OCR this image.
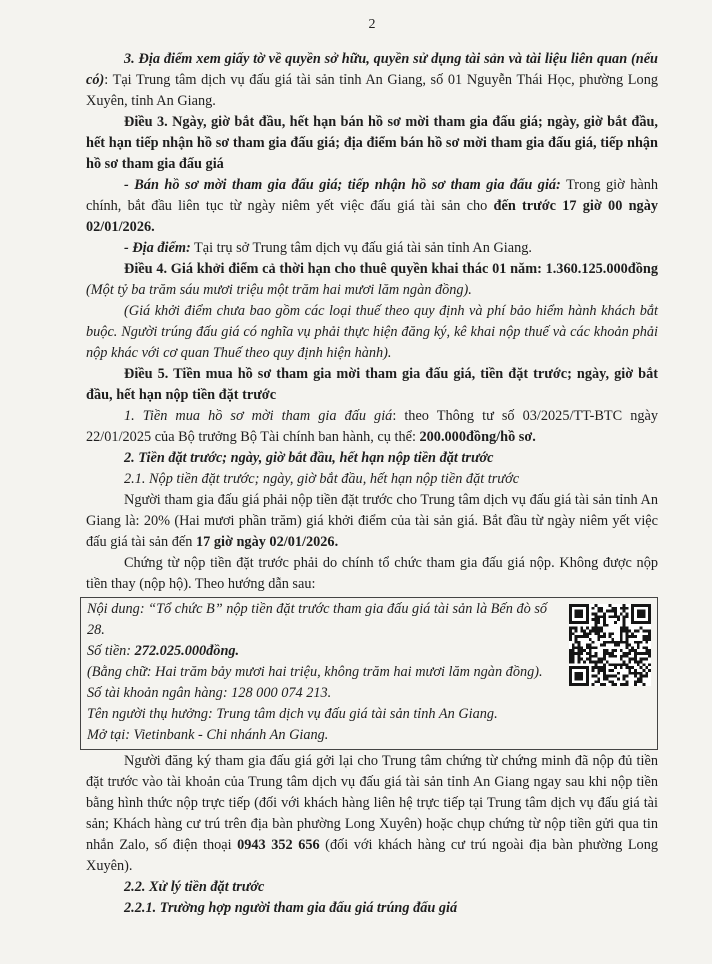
2

3. Địa điểm xem giấy tờ về quyền sở hữu, quyền sử dụng tài sản và tài liệu liên quan (nếu có): Tại Trung tâm dịch vụ đấu giá tài sản tỉnh An Giang, số 01 Nguyễn Thái Học, phường Long Xuyên, tỉnh An Giang.

Điều 3. Ngày, giờ bắt đầu, hết hạn bán hồ sơ mời tham gia đấu giá; ngày, giờ bắt đầu, hết hạn tiếp nhận hồ sơ tham gia đấu giá; địa điểm bán hồ sơ mời tham gia đấu giá, tiếp nhận hồ sơ tham gia đấu giá

- Bán hồ sơ mời tham gia đấu giá; tiếp nhận hồ sơ tham gia đấu giá: Trong giờ hành chính, bắt đầu liên tục từ ngày niêm yết việc đấu giá tài sản cho đến trước 17 giờ 00 ngày 02/01/2026.

- Địa điểm: Tại trụ sở Trung tâm dịch vụ đấu giá tài sản tỉnh An Giang.

Điều 4. Giá khởi điểm cả thời hạn cho thuê quyền khai thác 01 năm: 1.360.125.000đồng (Một tỷ ba trăm sáu mươi triệu một trăm hai mươi lăm ngàn đồng).

(Giá khởi điểm chưa bao gồm các loại thuế theo quy định và phí bảo hiểm hành khách bắt buộc. Người trúng đấu giá có nghĩa vụ phải thực hiện đăng ký, kê khai nộp thuế và các khoản phải nộp khác với cơ quan Thuế theo quy định hiện hành).

Điều 5. Tiền mua hồ sơ tham gia mời tham gia đấu giá, tiền đặt trước; ngày, giờ bắt đầu, hết hạn nộp tiền đặt trước

1. Tiền mua hồ sơ mời tham gia đấu giá: theo Thông tư số 03/2025/TT-BTC ngày 22/01/2025 của Bộ trưởng Bộ Tài chính ban hành, cụ thể: 200.000đồng/hồ sơ.

2. Tiền đặt trước; ngày, giờ bắt đầu, hết hạn nộp tiền đặt trước

2.1. Nộp tiền đặt trước; ngày, giờ bắt đầu, hết hạn nộp tiền đặt trước

Người tham gia đấu giá phải nộp tiền đặt trước cho Trung tâm dịch vụ đấu giá tài sản tỉnh An Giang là: 20% (Hai mươi phần trăm) giá khởi điểm của tài sản giá. Bắt đầu từ ngày niêm yết việc đấu giá tài sản đến 17 giờ ngày 02/01/2026.

Chứng từ nộp tiền đặt trước phải do chính tổ chức tham gia đấu giá nộp. Không được nộp tiền thay (nộp hộ). Theo hướng dẫn sau:

Nội dung: “Tổ chức B” nộp tiền đặt trước tham gia đấu giá tài sản là Bến đò số 28.
Số tiền: 272.025.000đồng.
(Bằng chữ: Hai trăm bảy mươi hai triệu, không trăm hai mươi lăm ngàn đồng).
Số tài khoản ngân hàng: 128 000 074 213.
Tên người thụ hưởng: Trung tâm dịch vụ đấu giá tài sản tỉnh An Giang.
Mở tại: Vietinbank - Chi nhánh An Giang.

Người đăng ký tham gia đấu giá gởi lại cho Trung tâm chứng từ chứng minh đã nộp đủ tiền đặt trước vào tài khoản của Trung tâm dịch vụ đấu giá tài sản tỉnh An Giang ngay sau khi nộp tiền bằng hình thức nộp trực tiếp (đối với khách hàng liên hệ trực tiếp tại Trung tâm dịch vụ đấu giá tài sản; Khách hàng cư trú trên địa bàn phường Long Xuyên) hoặc chụp chứng từ nộp tiền gửi qua tin nhắn Zalo, số điện thoại 0943 352 656 (đối với khách hàng cư trú ngoài địa bàn phường Long Xuyên).

2.2. Xử lý tiền đặt trước

2.2.1. Trường hợp người tham gia đấu giá trúng đấu giá
